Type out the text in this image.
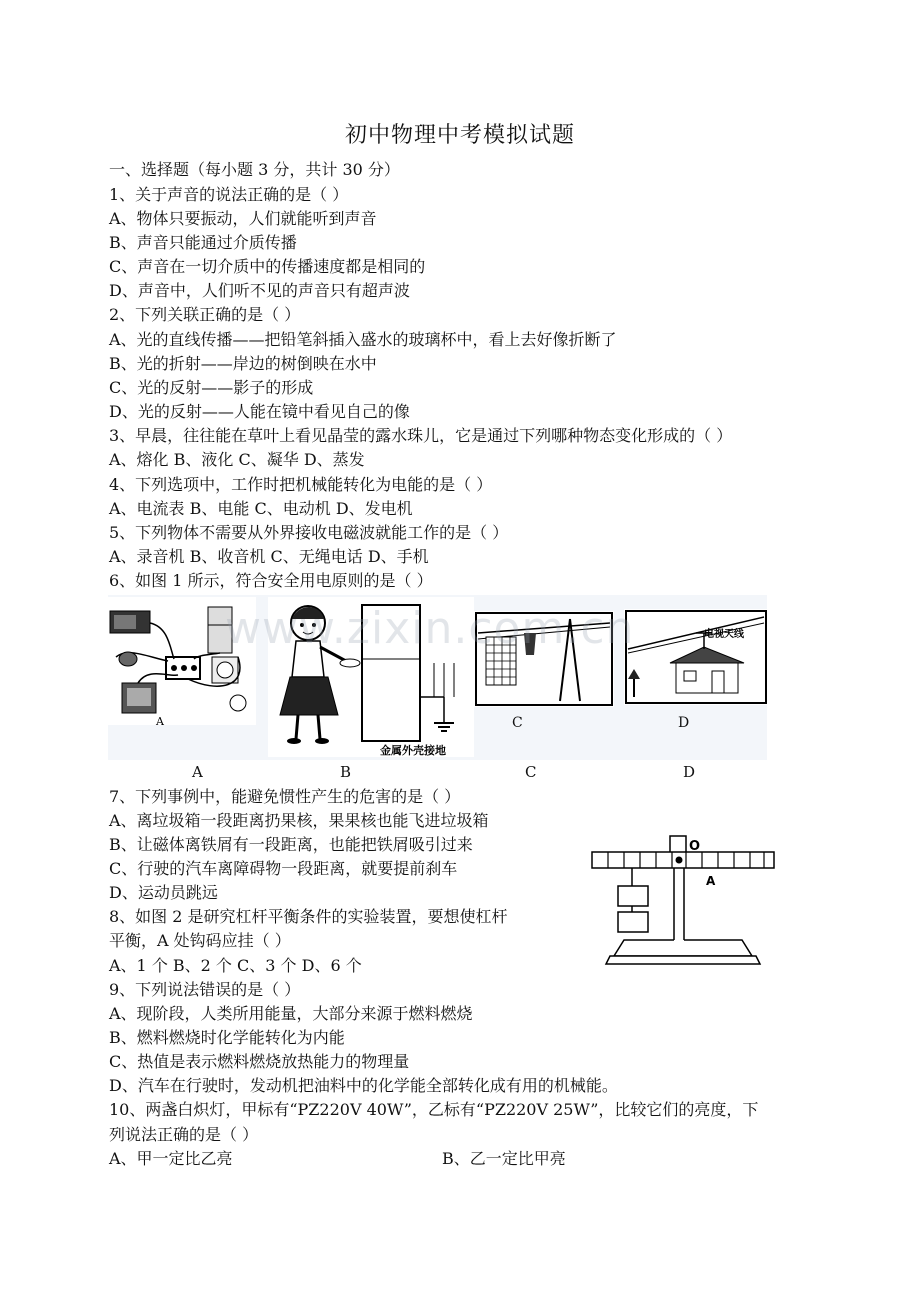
初中物理中考模拟试题
一、选择题（每小题 3 分，共计 30 分）
1、关于声音的说法正确的是（ ）
A、物体只要振动，人们就能听到声音
B、声音只能通过介质传播
C、声音在一切介质中的传播速度都是相同的
D、声音中，人们听不见的声音只有超声波
2、下列关联正确的是（ ）
A、光的直线传播——把铅笔斜插入盛水的玻璃杯中，看上去好像折断了
B、光的折射——岸边的树倒映在水中
C、光的反射——影子的形成
D、光的反射——人能在镜中看见自己的像
3、早晨，往往能在草叶上看见晶莹的露水珠儿，它是通过下列哪种物态变化形成的（ ）
A、熔化 B、液化 C、凝华 D、蒸发
4、下列选项中，工作时把机械能转化为电能的是（ ）
A、电流表 B、电能 C、电动机 D、发电机
5、下列物体不需要从外界接收电磁波就能工作的是（ ）
A、录音机 B、收音机 C、无绳电话 D、手机
6、如图 1 所示，符合安全用电原则的是（ ）
A
金属外壳接地
C
电视天线
D
www.zixin.com.cn
A	B	C	D
7、下列事例中，能避免惯性产生的危害的是（ ）
A、离垃圾箱一段距离扔果核，果果核也能飞进垃圾箱
B、让磁体离铁屑有一段距离，也能把铁屑吸引过来
C、行驶的汽车离障碍物一段距离，就要提前刹车
D、运动员跳远
8、如图 2 是研究杠杆平衡条件的实验装置，要想使杠杆
平衡，A 处钩码应挂（ ）
A、1 个 B、2 个 C、3 个 D、6 个
9、下列说法错误的是（ ）
A、现阶段，人类所用能量，大部分来源于燃料燃烧
B、燃料燃烧时化学能转化为内能
C、热值是表示燃料燃烧放热能力的物理量
D、汽车在行驶时，发动机把油料中的化学能全部转化成有用的机械能。
10、两盏白炽灯，甲标有“PZ220V 40W”，乙标有“PZ220V 25W”，比较它们的亮度，下
列说法正确的是（ ）
A、甲一定比乙亮	B、乙一定比甲亮
O
A
